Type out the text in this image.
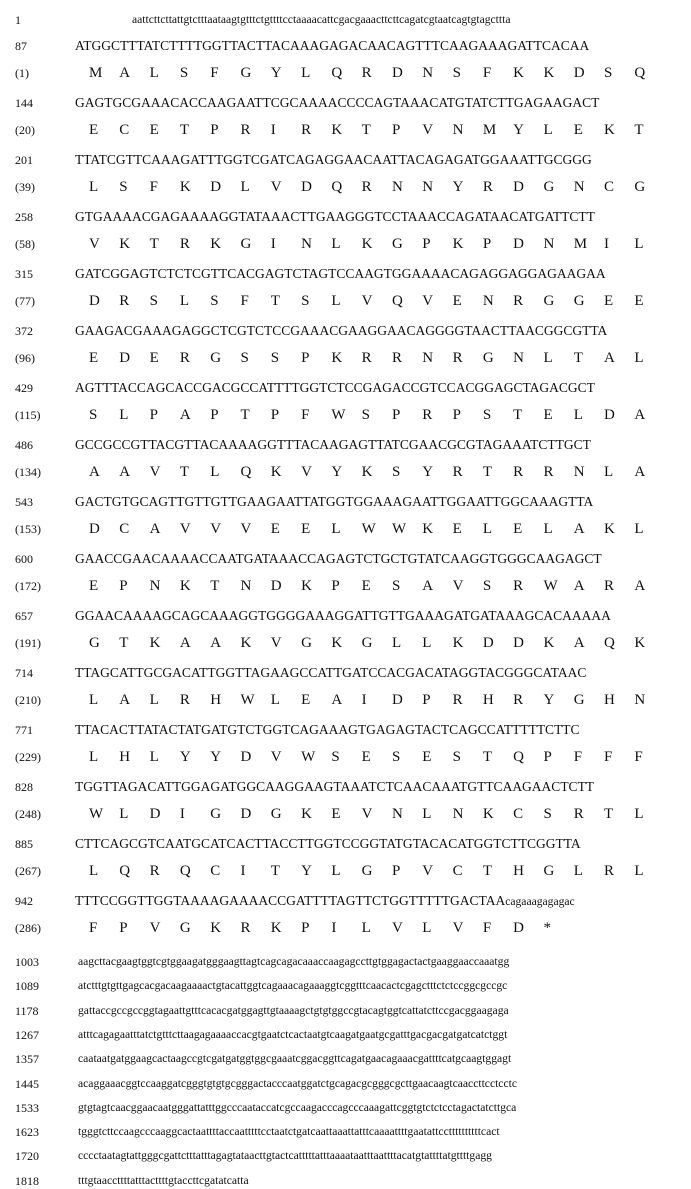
1	aattcttcttattgtctttaataagtgtttctgttttcctaaaacattcgacgaaacttcttcagatcgtaatcagtgtagcttta
87	ATGGCTTTATCTTTTGGTTACTTACAAAGAGACAACAGTTTCAAGAAAGATTCACAA
(1)	M A L S F G Y L Q R D N S F K K D S Q
144	GAGTGCGAAACACCAAGAATTCGCAAAACCCCAGTAAACATGTATCTTGAGAAGACT
(20)	E C E T P R I R K T P V N M Y L E K T
201	TTATCGTTCAAAGATTTGGTCGATCAGAGGAACAATTACAGAGATGGAAATTGCGGG
(39)	L S F K D L V D Q R N N Y R D G N C G
258	GTGAAAACGAGAAAAGGTATAAACTTGAAGGGTCCTAAACCAGATAACATGATTCTT
(58)	V K T R K G I N L K G P K P D N M I L
315	GATCGGAGTCTCTCGTTCACGAGTCTAGTCCAAGTGGAAAACAGAGGAGGAGAAGAA
(77)	D R S L S F T S L V Q V E N R G G E E
372	GAAGACGAAAGAGGCTCGTCTCCGAAACGAAGGAACAGGGGTAACTTAACGGCGTTA
(96)	E D E R G S S P K R R N R G N L T A L
429	AGTTTACCAGCACCGACGCCATTTTGGTCTCCGAGACCGTCCACGGAGCTAGACGCT
(115)	S L P A P T P F W S P R P S T E L D A
486	GCCGCCGTTACGTTACAAAAGGTTTACAAGAGTTATCGAACGCGTAGAAATCTTGCT
(134)	A A V T L Q K V Y K S Y R T R R N L A
543	GACTGTGCAGTTGTTGTTGAAGAATTATGGTGGAAAGAATTGGAATTGGCAAAGTTA
(153)	D C A V V V E E L W W K E L E L A K L
600	GAACCGAACAAAACCAATGATAAACCAGAGTCTGCTGTATCAAGGTGGGCAAGAGCT
(172)	E P N K T N D K P E S A V S R W A R A
657	GGAACAAAAGCAGCAAAGGTGGGGAAAGGATTGTTGAAAGATGATAAAGCACAAAAA
(191)	G T K A A K V G K G L L K D D K A Q K
714	TTAGCATTGCGACATTGGTTAGAAGCCATTGATCCACGACATAGGTACGGGCATAAC
(210)	L A L R H W L E A I D P R H R Y G H N
771	TTACACTTATACTATGATGTCTGGTCAGAAAGTGAGAGTACTCAGCCATTTTTCTTC
(229)	L H L Y Y D V W S E S E S T Q P F F F
828	TGGTTAGACATTGGAGATGGCAAGGAAGTAAATCTCAACAAATGTTCAAGAACTCTT
(248)	W L D I G D G K E V N L N K C S R T L
885	CTTCAGCGTCAATGCATCACTTACCTTGGTCCGGTATGTACACATGGTCTTCGGTTA
(267)	L Q R Q C I T Y L G P V C T H G L R L
942	TTTCCGGTTGGTAAAAGAAAACCGATTTTAGTTCTGGTTTTTGACTAAcagaaagagagac
(286)	F P V G K R K P I L V L V F D *
1003	aagcttacgaagtggtcgtggaagatgggaagttagtcagcagacaaaccaagagccttgtggagactactgaaggaaccaaatgg
1089	atctttgtgttgagcacgacaagaaaactgtacattggtcagaaacagaaaggtcggtttcaacactcgagctttctctccggcgccgc
1178	gattaccgccgccggtagaattgtttcacacgatggagttgtaaaagctgtgtggccgtacagtggtcattatcttccgacggaagaga
1267	atttcagagaatttatctgtttcttaagagaaaaccacgtgaatctcactaatgtcaagatgaatgcgatttgacgacgatgatcatctggt
1357	caataatgatggaagcactaagccgtcgatgatggtggcgaaatcggacggttcagatgaacagaaacgattttcatgcaagtggagt
1445	acaggaaacggtccaaggatcgggtgtgtgcgggactacccaatggatctgcagacgcgggcgcttgaacaagtcaaccttcctcctc
1533	gtgtagtcaacggaacaatgggattatttggcccaataccatcgccaagacccagcccaaagattcggtgtctctcctagactatcttgca
1623	tgggtcttccaagcccaaggcactaattttaccaatttttcctaatctgatcaattaaattatttcaaaattttgaatattccttttttttttcact
1720	cccctaatagtattgggcgattctttatttagagtataacttgtactcatttttatttaaaataatttaattttacatgtattttatgttttgagg
1818	tttgtaaccttttatttacttttgtaccttcgatatcatta
